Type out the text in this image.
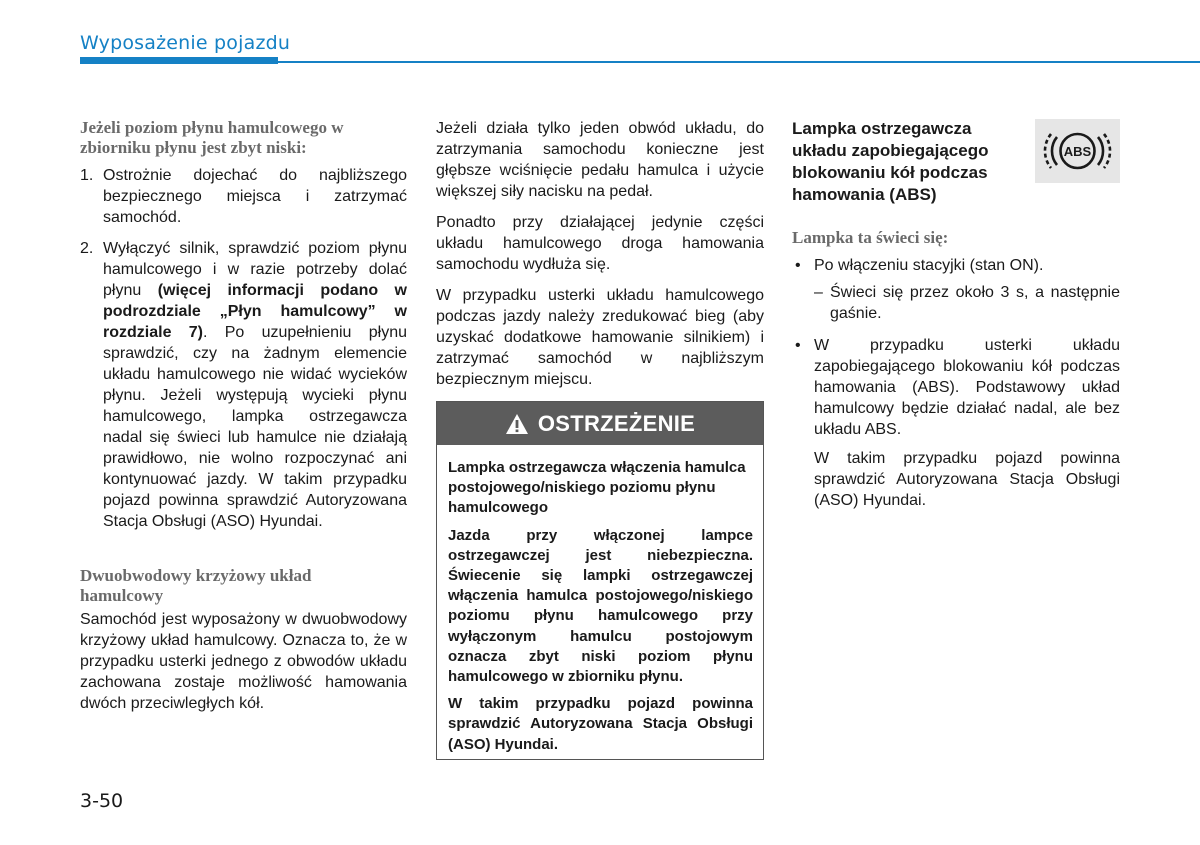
Wyposażenie pojazdu
Jeżeli poziom płynu hamulcowego w zbiorniku płynu jest zbyt niski:
1. Ostrożnie dojechać do najbliższego bezpiecznego miejsca i zatrzymać samochód.
2. Wyłączyć silnik, sprawdzić poziom płynu hamulcowego i w razie potrzeby dolać płynu (więcej informacji podano w podrozdziale „Płyn hamulcowy” w rozdziale 7). Po uzupełnieniu płynu sprawdzić, czy na żadnym elemencie układu hamulcowego nie widać wycieków płynu. Jeżeli występują wycieki płynu hamulcowego, lampka ostrzegawcza nadal się świeci lub hamulce nie działają prawidłowo, nie wolno rozpoczynać ani kontynuować jazdy. W takim przypadku pojazd powinna sprawdzić Autoryzowana Stacja Obsługi (ASO) Hyundai.
Dwuobwodowy krzyżowy układ hamulcowy

Samochód jest wyposażony w dwuobwodowy krzyżowy układ hamulcowy. Oznacza to, że w przypadku usterki jednego z obwodów układu zachowana zostaje możliwość hamowania dwóch przeciwległych kół.

Jeżeli działa tylko jeden obwód układu, do zatrzymania samochodu konieczne jest głębsze wciśnięcie pedału hamulca i użycie większej siły nacisku na pedał.

Ponadto przy działającej jedynie części układu hamulcowego droga hamowania samochodu wydłuża się.

W przypadku usterki układu hamulcowego podczas jazdy należy zredukować bieg (aby uzyskać dodatkowe hamowanie silnikiem) i zatrzymać samochód w najbliższym bezpiecznym miejscu.

OSTRZEŻENIE

Lampka ostrzegawcza włączenia hamulca postojowego/niskiego poziomu płynu hamulcowego

Jazda przy włączonej lampce ostrzegawczej jest niebezpieczna. Świecenie się lampki ostrzegawczej włączenia hamulca postojowego/niskiego poziomu płynu hamulcowego przy wyłączonym hamulcu postojowym oznacza zbyt niski poziom płynu hamulcowego w zbiorniku płynu.

W takim przypadku pojazd powinna sprawdzić Autoryzowana Stacja Obsługi (ASO) Hyundai.

Lampka ostrzegawcza układu zapobiegającego blokowaniu kół podczas hamowania (ABS)
Lampka ta świeci się:
• Po włączeniu stacyjki (stan ON).
– Świeci się przez około 3 s, a następnie gaśnie.
• W przypadku usterki układu zapobiegającego blokowaniu kół podczas hamowania (ABS). Podstawowy układ hamulcowy będzie działać nadal, ale bez układu ABS.
W takim przypadku pojazd powinna sprawdzić Autoryzowana Stacja Obsługi (ASO) Hyundai.
ABS
3-50
